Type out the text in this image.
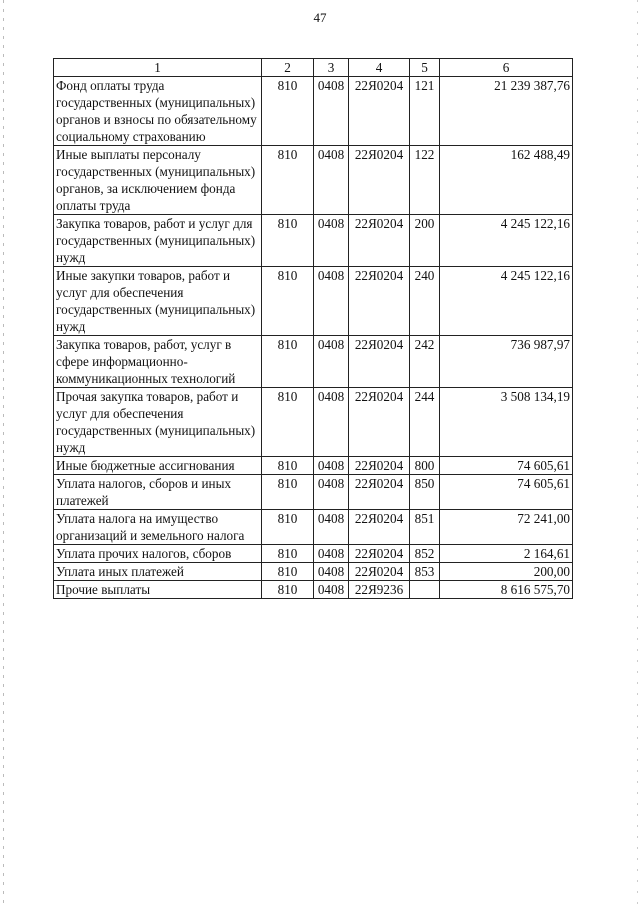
47
1	2	3	4	5	6
Фонд оплаты труда государственных (муниципальных) органов и взносы по обязательному социальному страхованию	810	0408	22Я0204	121	21 239 387,76
Иные выплаты персоналу государственных (муниципальных) органов, за исключением фонда оплаты труда	810	0408	22Я0204	122	162 488,49
Закупка товаров, работ и услуг для государственных (муниципальных) нужд	810	0408	22Я0204	200	4 245 122,16
Иные закупки товаров, работ и услуг для обеспечения государственных (муниципальных) нужд	810	0408	22Я0204	240	4 245 122,16
Закупка товаров, работ, услуг в сфере информационно-коммуникационных технологий	810	0408	22Я0204	242	736 987,97
Прочая закупка товаров, работ и услуг для обеспечения государственных (муниципальных) нужд	810	0408	22Я0204	244	3 508 134,19
Иные бюджетные ассигнования	810	0408	22Я0204	800	74 605,61
Уплата налогов, сборов и иных платежей	810	0408	22Я0204	850	74 605,61
Уплата налога на имущество организаций и земельного налога	810	0408	22Я0204	851	72 241,00
Уплата прочих налогов, сборов	810	0408	22Я0204	852	2 164,61
Уплата иных платежей	810	0408	22Я0204	853	200,00
Прочие выплаты	810	0408	22Я9236		8 616 575,70
